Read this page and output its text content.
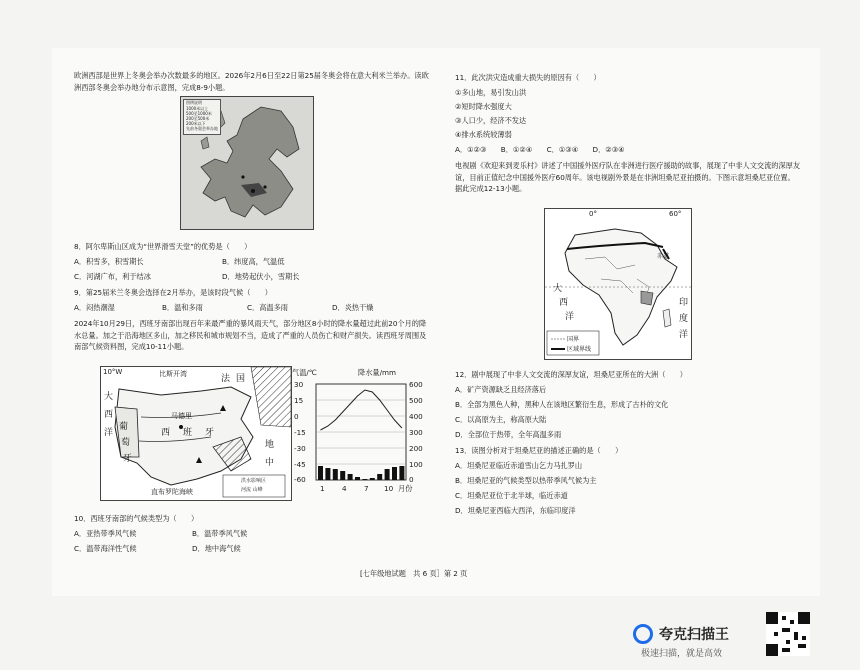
欧洲西部是世界上冬奥会举办次数最多的地区。2026年2月6日至22日第25届冬奥会将在意大利米兰举办。读欧洲西部冬奥会举办地分布示意图，完成8-9小题。
图例说明
1000米以上
500至1000米
200至500米
200米以下
先前冬奥会举办地
8．阿尔卑斯山区成为“世界滑雪天堂”的优势是（　　）
A．积雪多，积雪期长	B．纬度高，气温低
C．河湖广布，利于结冰	D．地势起伏小，雪期长
9．第25届米兰冬奥会选择在2月举办，是该时段气候（　　）
A．闷热潮湿	B．温和多雨	C．高温多雨	D．炎热干燥
2024年10月29日，西班牙南部出现百年来最严重的暴风雨天气，部分地区8小时的降水量超过此前20个月的降水总量。加之于沿海地区多山，加之移民和城市规划不当，造成了严重的人员伤亡和财产损失。读西班牙周围及南部气候资料图，完成10-11小题。
10°W	比斯开湾	法 国
大
西
洋
葡
萄
牙
西 班 牙
马德里
地
中
直布罗陀海峡
洪水影响区
河流 山峰
气温/℃	降水量/mm
30
15
0
-15
-30
-45
-60
600
500
400
300
200
100
0
1 4 7 10 月份
10．西班牙南部的气候类型为（　　）
A．亚热带季风气候	B．温带季风气候
C．温带海洋性气候	D．地中海气候
11．此次洪灾造成重大损失的原因有（　　）
①多山地，易引发山洪
②短时降水强度大
③人口少，经济不发达
④排水系统较薄弱
A．①②③　　B．①②④　　C．①③④　　D．②③④
电视剧《欢迎来到麦乐村》讲述了中国援外医疗队在非洲进行医疗援助的故事，展现了中非人文交流的深厚友谊，目前正值纪念中国援外医疗60周年。该电视剧外景是在非洲坦桑尼亚拍摄的。下图示意坦桑尼亚位置。据此完成12-13小题。
0°	60°
大
西
洋
印
度
洋
赤道
国界
区域界线
12．剧中展现了中非人文交流的深厚友谊，坦桑尼亚所在的大洲（　　）
A．矿产资源缺乏且经济落后
B．全部为黑色人种，黑种人在该地区繁衍生息，形成了古朴的文化
C．以高原为主，称高原大陆
D．全部位于热带，全年高温多雨
13．读图分析对于坦桑尼亚的描述正确的是（　　）
A．坦桑尼亚临近赤道雪山乞力马扎罗山
B．坦桑尼亚的气候类型以热带季风气候为主
C．坦桑尼亚位于北半球，临近赤道
D．坦桑尼亚西临大西洋，东临印度洋
[七年级地试题　共 6 页］第 2 页
夸克扫描王
极速扫描，就是高效
